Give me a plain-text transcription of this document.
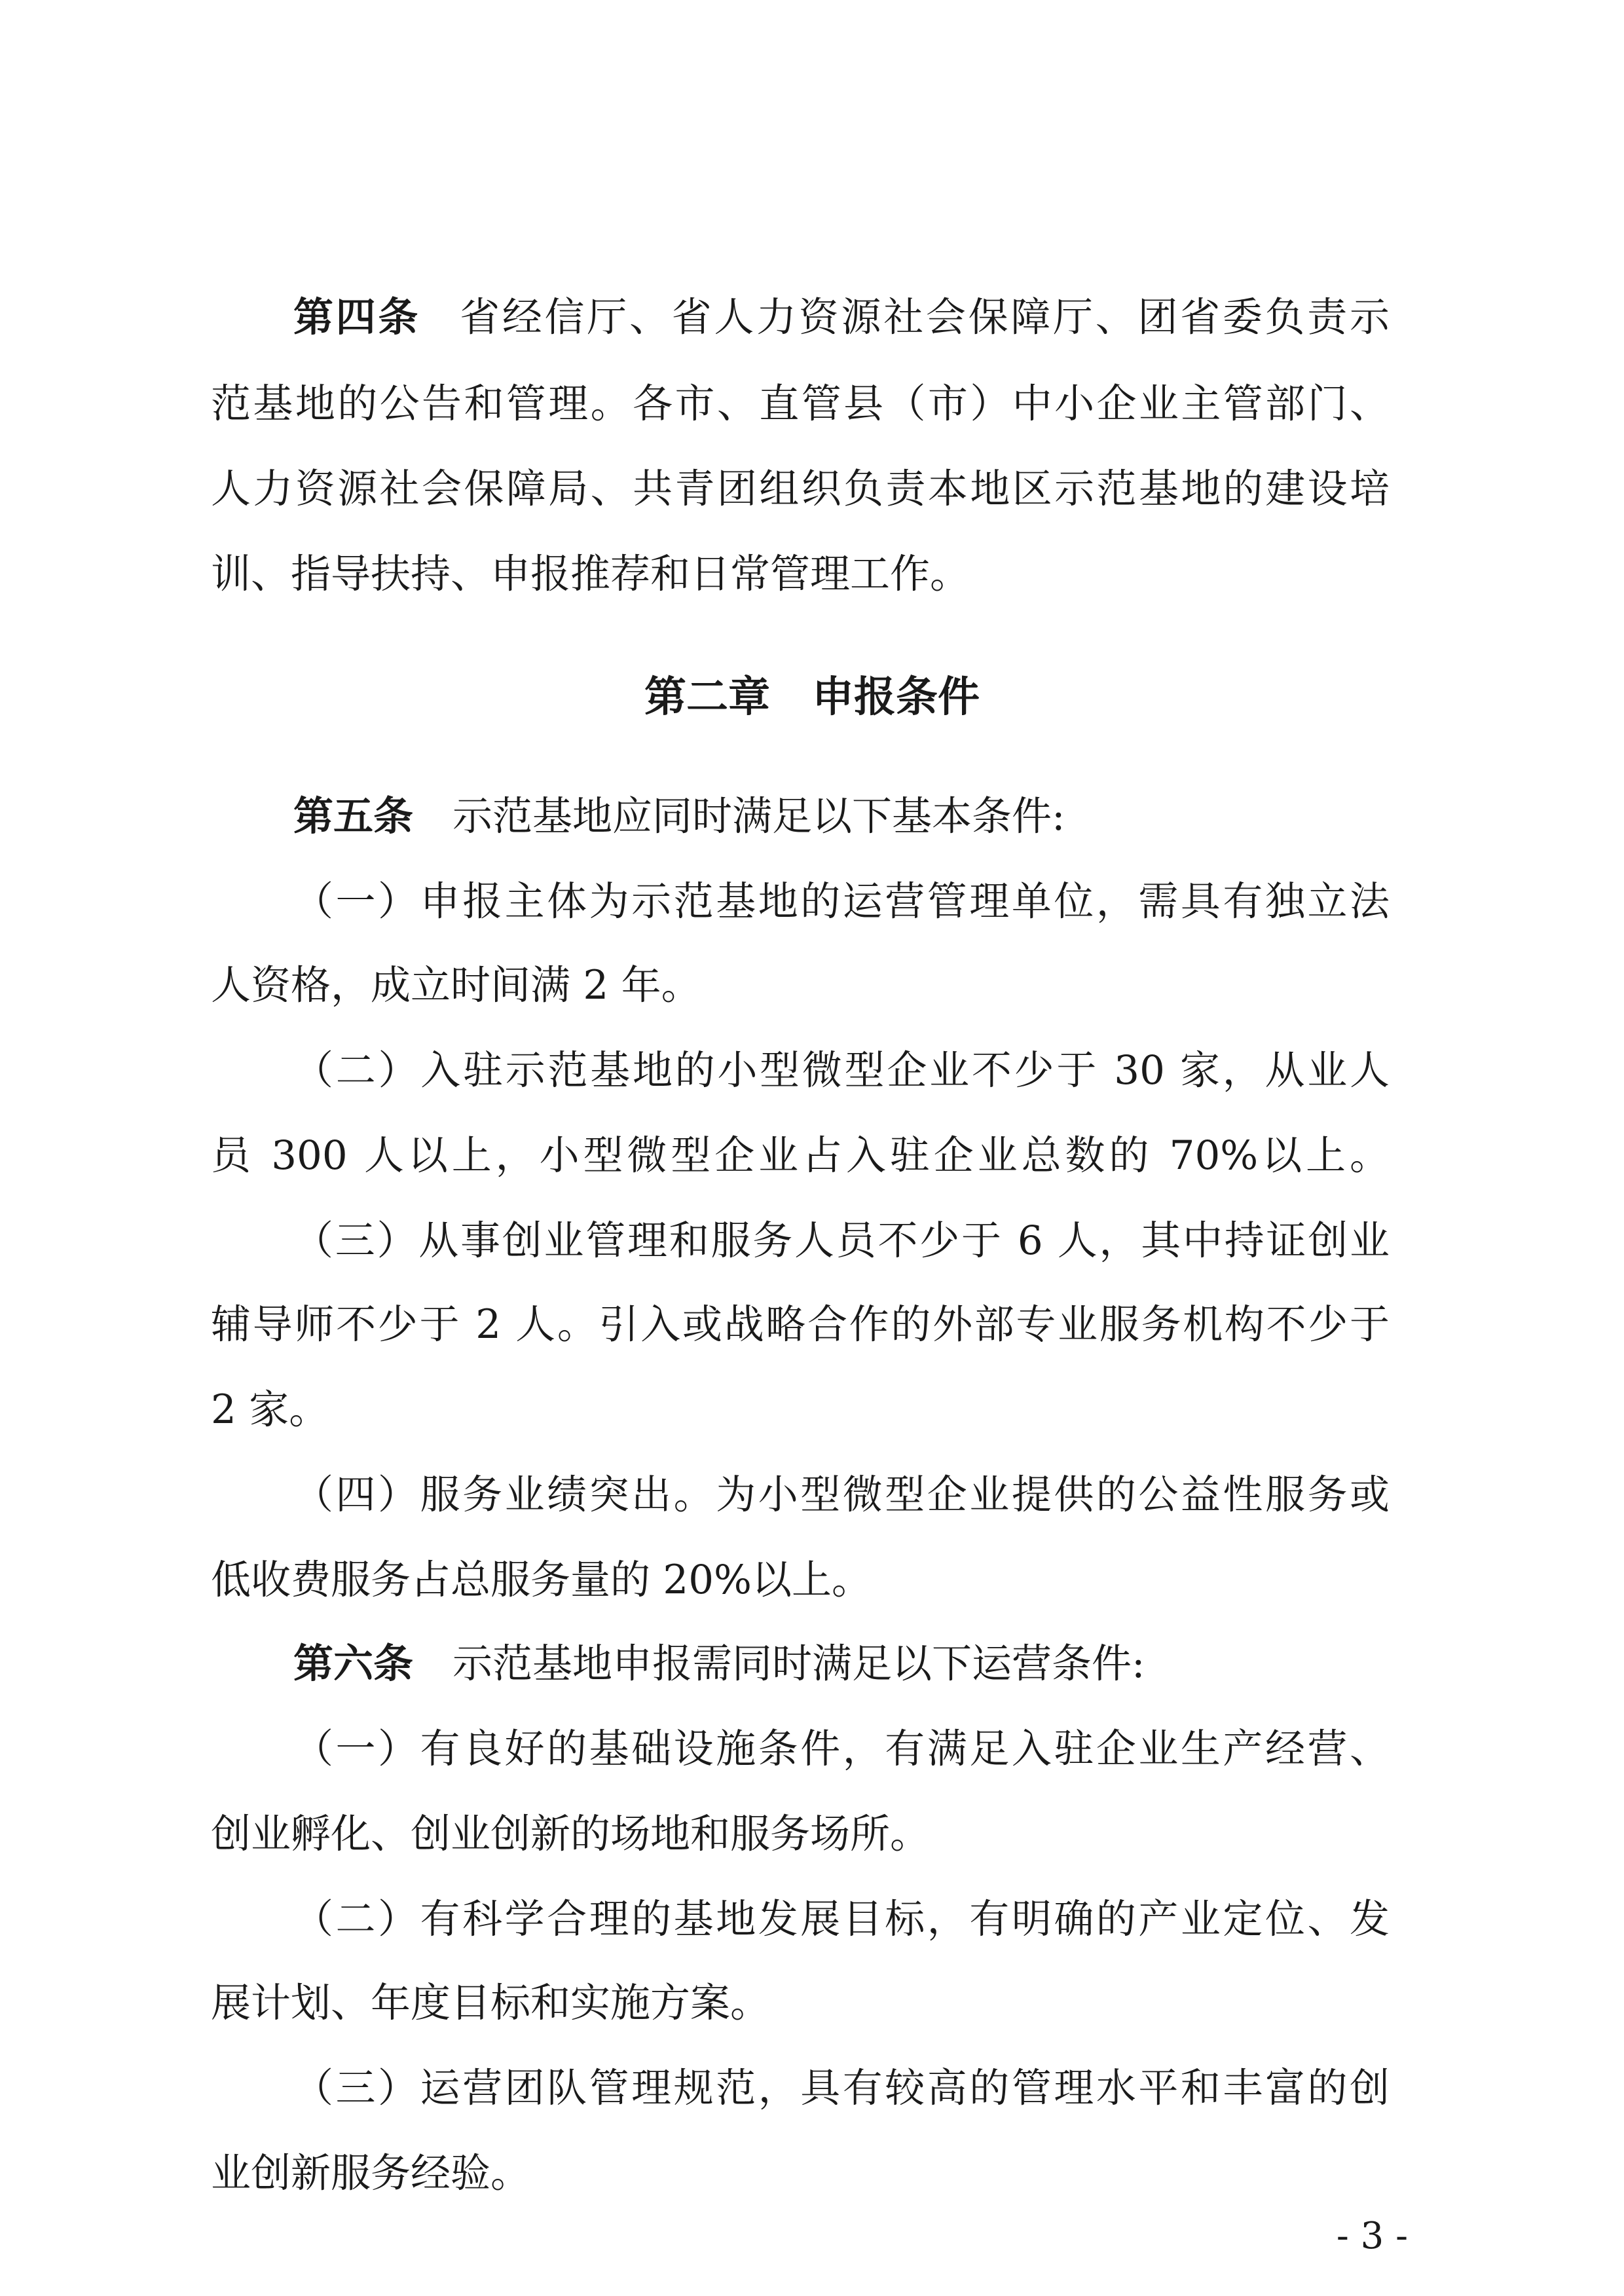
第四条 省经信厅、省人力资源社会保障厅、团省委负责示
范基地的公告和管理。各市、直管县（市）中小企业主管部门、
人力资源社会保障局、共青团组织负责本地区示范基地的建设培
训、指导扶持、申报推荐和日常管理工作。
第二章　申报条件
第五条 示范基地应同时满足以下基本条件:
（一）申报主体为示范基地的运营管理单位，需具有独立法
人资格，成立时间满 2 年。
（二）入驻示范基地的小型微型企业不少于 30 家，从业人
员 300 人以上，小型微型企业占入驻企业总数的 70%以上。
（三）从事创业管理和服务人员不少于 6 人，其中持证创业
辅导师不少于 2 人。引入或战略合作的外部专业服务机构不少于
2 家。
（四）服务业绩突出。为小型微型企业提供的公益性服务或
低收费服务占总服务量的 20%以上。
第六条 示范基地申报需同时满足以下运营条件:
（一）有良好的基础设施条件，有满足入驻企业生产经营、
创业孵化、创业创新的场地和服务场所。
（二）有科学合理的基地发展目标，有明确的产业定位、发
展计划、年度目标和实施方案。
（三）运营团队管理规范，具有较高的管理水平和丰富的创
业创新服务经验。
- 3 -
